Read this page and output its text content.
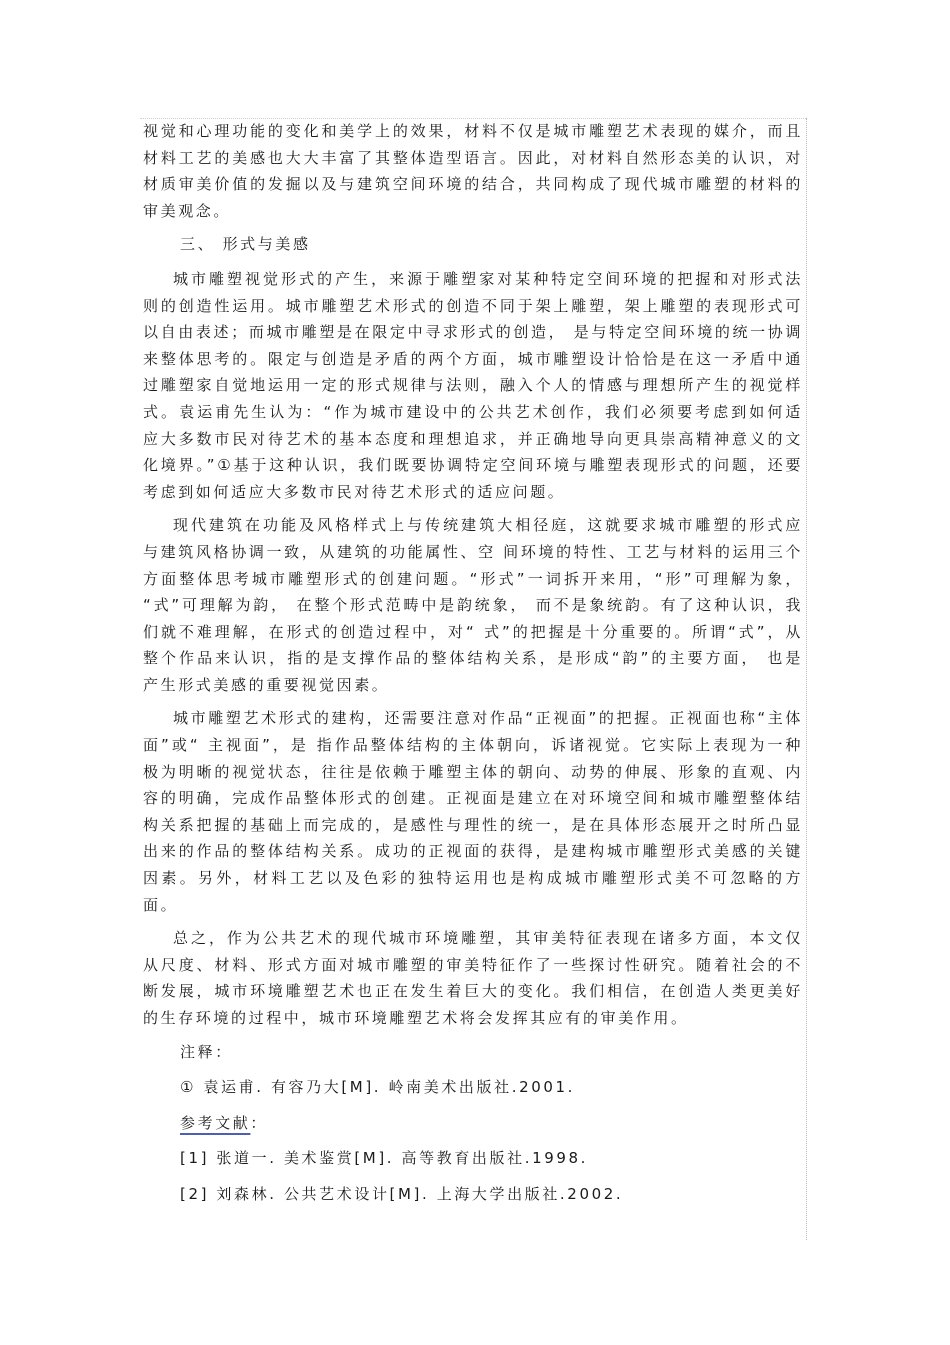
视觉和心理功能的变化和美学上的效果，材料不仅是城市雕塑艺术表现的媒介，而且材料工艺的美感也大大丰富了其整体造型语言。因此，对材料自然形态美的认识，对材质审美价值的发掘以及与建筑空间环境的结合，共同构成了现代城市雕塑的材料的审美观念。

三、 形式与美感

城市雕塑视觉形式的产生，来源于雕塑家对某种特定空间环境的把握和对形式法则的创造性运用。城市雕塑艺术形式的创造不同于架上雕塑，架上雕塑的表现形式可以自由表述；而城市雕塑是在限定中寻求形式的创造， 是与特定空间环境的统一协调来整体思考的。限定与创造是矛盾的两个方面，城市雕塑设计恰恰是在这一矛盾中通过雕塑家自觉地运用一定的形式规律与法则，融入个人的情感与理想所产生的视觉样式。袁运甫先生认为：“作为城市建设中的公共艺术创作，我们必须要考虑到如何适应大多数市民对待艺术的基本态度和理想追求，并正确地导向更具崇高精神意义的文化境界。”①基于这种认识，我们既要协调特定空间环境与雕塑表现形式的问题，还要考虑到如何适应大多数市民对待艺术形式的适应问题。

现代建筑在功能及风格样式上与传统建筑大相径庭，这就要求城市雕塑的形式应与建筑风格协调一致，从建筑的功能属性、空 间环境的特性、工艺与材料的运用三个方面整体思考城市雕塑形式的创建问题。“形式”一词拆开来用，“形”可理解为象， “式”可理解为韵， 在整个形式范畴中是韵统象， 而不是象统韵。有了这种认识，我们就不难理解，在形式的创造过程中，对“ 式”的把握是十分重要的。所谓“式”，从 整个作品来认识，指的是支撑作品的整体结构关系，是形成“韵”的主要方面， 也是产生形式美感的重要视觉因素。

城市雕塑艺术形式的建构，还需要注意对作品“正视面”的把握。正视面也称“主体面”或“ 主视面”，是 指作品整体结构的主体朝向，诉诸视觉。它实际上表现为一种极为明晰的视觉状态，往往是依赖于雕塑主体的朝向、动势的伸展、形象的直观、内容的明确，完成作品整体形式的创建。正视面是建立在对环境空间和城市雕塑整体结构关系把握的基础上而完成的，是感性与理性的统一，是在具体形态展开之时所凸显出来的作品的整体结构关系。成功的正视面的获得，是建构城市雕塑形式美感的关键因素。另外，材料工艺以及色彩的独特运用也是构成城市雕塑形式美不可忽略的方面。

总之，作为公共艺术的现代城市环境雕塑，其审美特征表现在诸多方面，本文仅从尺度、材料、形式方面对城市雕塑的审美特征作了一些探讨性研究。随着社会的不断发展，城市环境雕塑艺术也正在发生着巨大的变化。我们相信，在创造人类更美好的生存环境的过程中，城市环境雕塑艺术将会发挥其应有的审美作用。

注释：
① 袁运甫. 有容乃大[M]. 岭南美术出版社.2001.
参考文献：
[1] 张道一. 美术鉴赏[M]. 高等教育出版社.1998.
[2] 刘森林. 公共艺术设计[M]. 上海大学出版社.2002.
